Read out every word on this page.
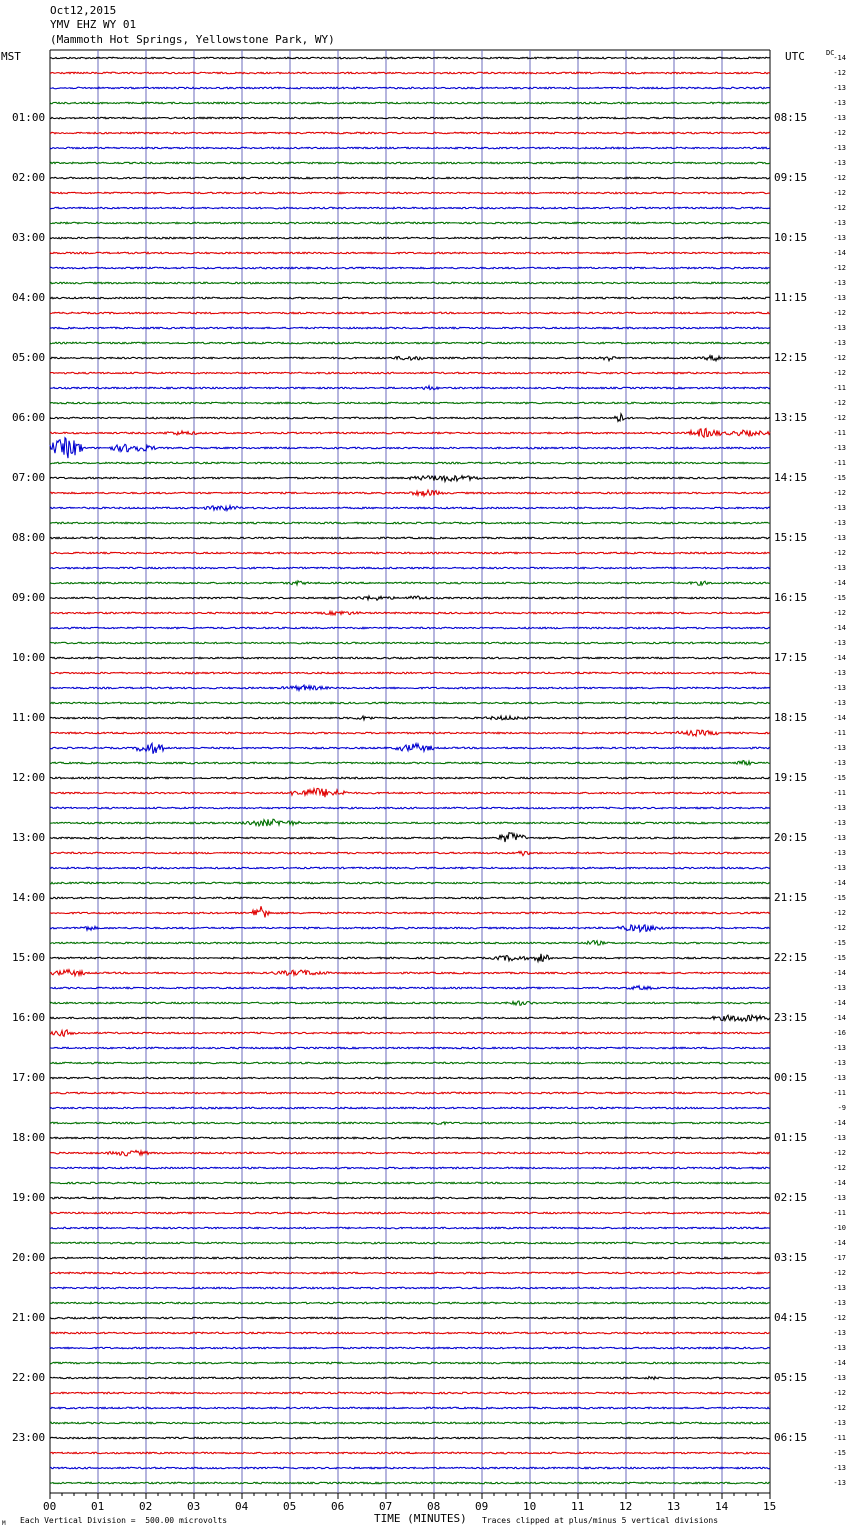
Oct12,2015
YMV EHZ WY 01
(Mammoth Hot Springs, Yellowstone Park, WY)
MST	UTC	DC
01:00
02:00
03:00
04:00
05:00
06:00
07:00
08:00
09:00
10:00
11:00
12:00
13:00
14:00
15:00
16:00
17:00
18:00
19:00
20:00
21:00
22:00
23:00
08:15
09:15
10:15
11:15
12:15
13:15
14:15
15:15
16:15
17:15
18:15
19:15
20:15
21:15
22:15
23:15
00:15
01:15
02:15
03:15
04:15
05:15
06:15
-14
-12
-13
-13
-13
-12
-13
-13
-12
-12
-12
-13
-13
-14
-12
-13
-13
-12
-13
-13
-12
-12
-11
-12
-12
-11
-13
-11
-15
-12
-13
-13
-13
-12
-13
-14
-15
-12
-14
-13
-14
-13
-13
-13
-14
-11
-13
-13
-15
-11
-13
-13
-13
-13
-13
-14
-15
-12
-12
-15
-15
-14
-13
-14
-14
-16
-13
-13
-13
-11
-9
-14
-13
-12
-12
-14
-13
-11
-10
-14
-17
-12
-13
-13
-12
-13
-13
-14
-13
-12
-12
-13
-11
-15
-13
-13
00	01	02	03	04	05	06	07	08	09	10	11	12	13	14	15
M Each Vertical Division =  500.00 microvolts	TIME (MINUTES) Traces clipped at plus/minus 5 vertical divisions
